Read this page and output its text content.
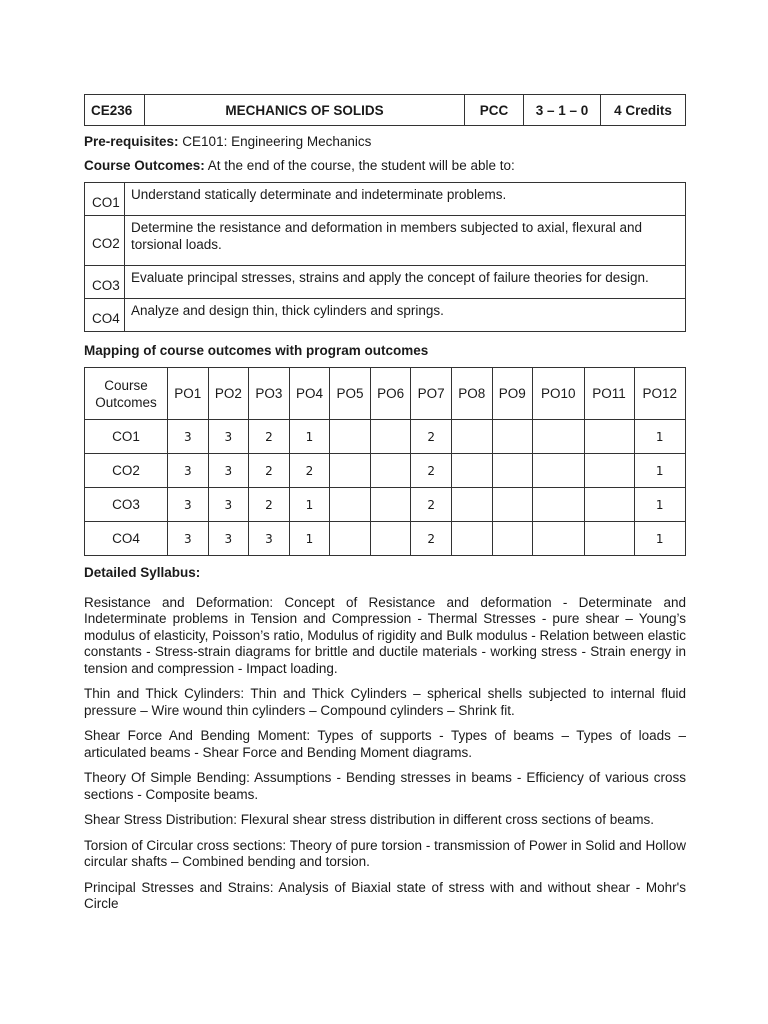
CE236	MECHANICS OF SOLIDS	PCC	3 – 1 – 0	4 Credits

Pre-requisites: CE101: Engineering Mechanics

Course Outcomes: At the end of the course, the student will be able to:

CO1	Understand statically determinate and indeterminate problems.
CO2	Determine the resistance and deformation in members subjected to axial, flexural and torsional loads.
CO3	Evaluate principal stresses, strains and apply the concept of failure theories for design.
CO4	Analyze and design thin, thick cylinders and springs.

Mapping of course outcomes with program outcomes

Course
Outcomes	PO1	PO2	PO3	PO4	PO5	PO6	PO7	PO8	PO9	PO10	PO11	PO12
CO1	3	3	2	1			2					1
CO2	3	3	2	2			2					1
CO3	3	3	2	1			2					1
CO4	3	3	3	1			2					1

Detailed Syllabus:

Resistance and Deformation: Concept of Resistance and deformation - Determinate and Indeterminate problems in Tension and Compression - Thermal Stresses - pure shear – Young’s modulus of elasticity, Poisson’s ratio, Modulus of rigidity and Bulk modulus - Relation between elastic constants - Stress-strain diagrams for brittle and ductile materials - working stress - Strain energy in tension and compression - Impact loading.

Thin and Thick Cylinders: Thin and Thick Cylinders – spherical shells subjected to internal fluid pressure – Wire wound thin cylinders – Compound cylinders – Shrink fit.

Shear Force And Bending Moment: Types of supports - Types of beams – Types of loads – articulated beams - Shear Force and Bending Moment diagrams.

Theory Of Simple Bending: Assumptions - Bending stresses in beams - Efficiency of various cross sections - Composite beams.

Shear Stress Distribution: Flexural shear stress distribution in different cross sections of beams.

Torsion of Circular cross sections: Theory of pure torsion - transmission of Power in Solid and Hollow circular shafts – Combined bending and torsion.

Principal Stresses and Strains: Analysis of Biaxial state of stress with and without shear - Mohr's Circle
